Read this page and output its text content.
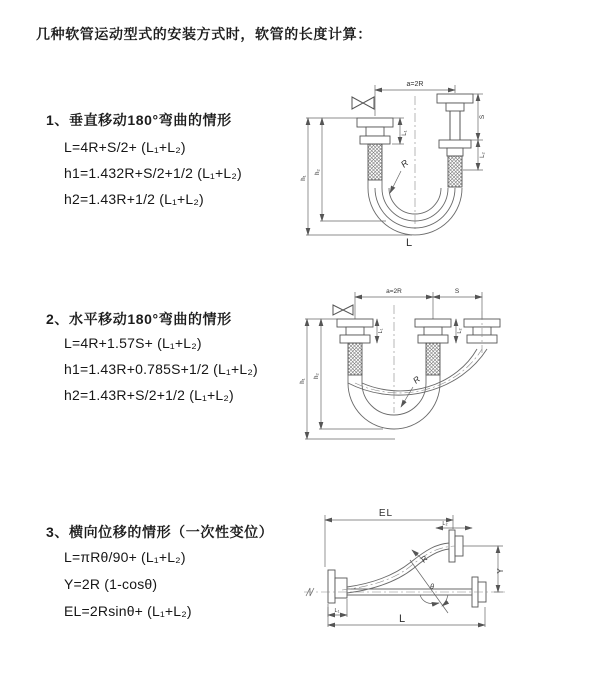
几种软管运动型式的安装方式时，软管的长度计算：
1、垂直移动180°弯曲的情形
L=4R+S/2+ (L₁+L₂)
h1=1.432R+S/2+1/2 (L₁+L₂)
h2=1.43R+1/2 (L₁+L₂)
2、水平移动180°弯曲的情形
L=4R+1.57S+ (L₁+L₂)
h1=1.43R+0.785S+1/2 (L₁+L₂)
h2=1.43R+S/2+1/2 (L₁+L₂)
3、横向位移的情形（一次性变位）
L=πRθ/90+ (L₁+L₂)
Y=2R (1-cosθ)
EL=2Rsinθ+ (L₁+L₂)
a=2R
L₁
S
L₂
R
h₁
h₂
L
a=2R	S
L₁	L₂
R
h₁
h₂
EL
L₂
θ
R
Y
L₁
L
